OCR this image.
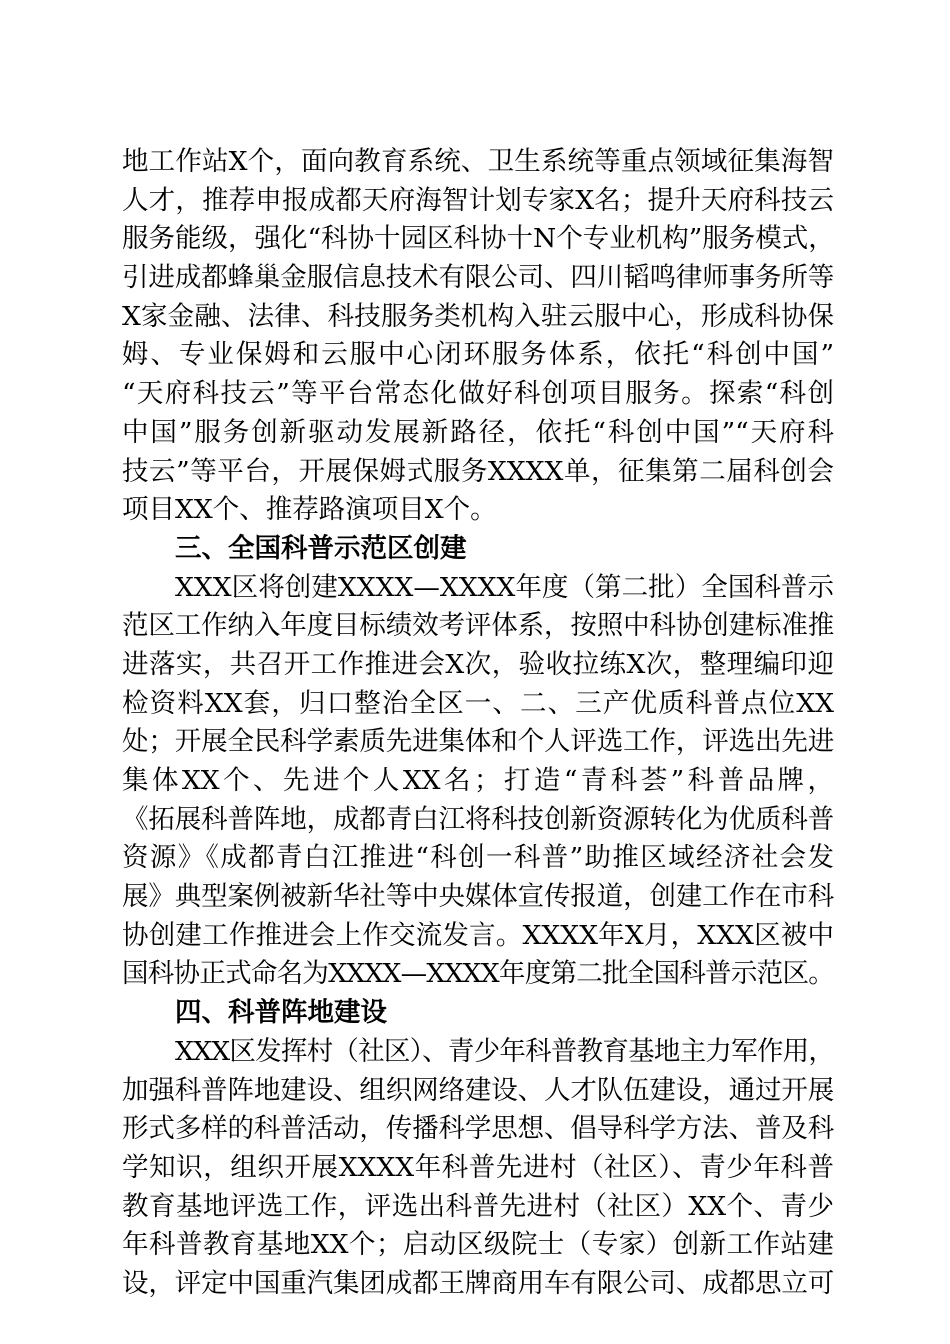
地工作站X个，面向教育系统、卫生系统等重点领域征集海智
人才，推荐申报成都天府海智计划专家X名；提升天府科技云
服务能级，强化“科协十园区科协十N个专业机构”服务模式，
引进成都蜂巢金服信息技术有限公司、四川韬鸣律师事务所等
X家金融、法律、科技服务类机构入驻云服中心，形成科协保
姆、专业保姆和云服中心闭环服务体系，依托“科创中国”
“天府科技云”等平台常态化做好科创项目服务。探索“科创
中国”服务创新驱动发展新路径，依托“科创中国”“天府科
技云”等平台，开展保姆式服务XXXX单，征集第二届科创会
项目XX个、推荐路演项目X个。
三、全国科普示范区创建
XXX区将创建XXXX—XXXX年度（第二批）全国科普示
范区工作纳入年度目标绩效考评体系，按照中科协创建标准推
进落实，共召开工作推进会X次，验收拉练X次，整理编印迎
检资料XX套，归口整治全区一、二、三产优质科普点位XX
处；开展全民科学素质先进集体和个人评选工作，评选出先进
集体XX个、先进个人XX名；打造“青科荟”科普品牌，
《拓展科普阵地，成都青白江将科技创新资源转化为优质科普
资源》《成都青白江推进“科创一科普”助推区域经济社会发
展》典型案例被新华社等中央媒体宣传报道，创建工作在市科
协创建工作推进会上作交流发言。XXXX年X月，XXX区被中
国科协正式命名为XXXX—XXXX年度第二批全国科普示范区。
四、科普阵地建设
XXX区发挥村（社区）、青少年科普教育基地主力军作用，
加强科普阵地建设、组织网络建设、人才队伍建设，通过开展
形式多样的科普活动，传播科学思想、倡导科学方法、普及科
学知识，组织开展XXXX年科普先进村（社区）、青少年科普
教育基地评选工作，评选出科普先进村（社区）XX个、青少
年科普教育基地XX个；启动区级院士（专家）创新工作站建
设，评定中国重汽集团成都王牌商用车有限公司、成都思立可
